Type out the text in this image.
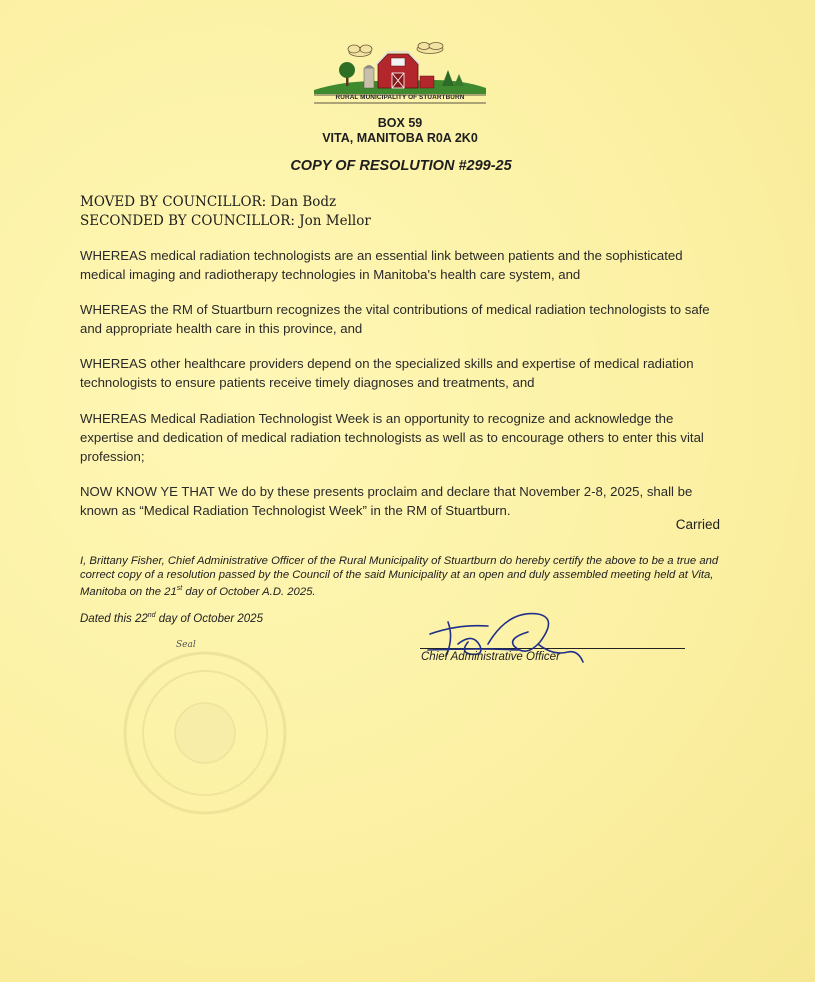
RURAL MUNICIPALITY OF STUARTBURN
BOX 59
VITA, MANITOBA R0A 2K0
COPY OF RESOLUTION #299-25
MOVED BY COUNCILLOR: Dan Bodz
SECONDED BY COUNCILLOR: Jon Mellor

WHEREAS medical radiation technologists are an essential link between patients and the sophisticated medical imaging and radiotherapy technologies in Manitoba's health care system, and

WHEREAS the RM of Stuartburn recognizes the vital contributions of medical radiation technologists to safe and appropriate health care in this province, and

WHEREAS other healthcare providers depend on the specialized skills and expertise of medical radiation technologists to ensure patients receive timely diagnoses and treatments, and

WHEREAS Medical Radiation Technologist Week is an opportunity to recognize and acknowledge the expertise and dedication of medical radiation technologists as well as to encourage others to enter this vital profession;

NOW KNOW YE THAT We do by these presents proclaim and declare that November 2-8, 2025, shall be known as “Medical Radiation Technologist Week” in the RM of Stuartburn.

Carried

I, Brittany Fisher, Chief Administrative Officer of the Rural Municipality of Stuartburn do hereby certify the above to be a true and correct copy of a resolution passed by the Council of the said Municipality at an open and duly assembled meeting held at Vita, Manitoba on the 21st day of October A.D. 2025.

Dated this 22nd day of October 2025
Seal
Chief Administrative Officer
